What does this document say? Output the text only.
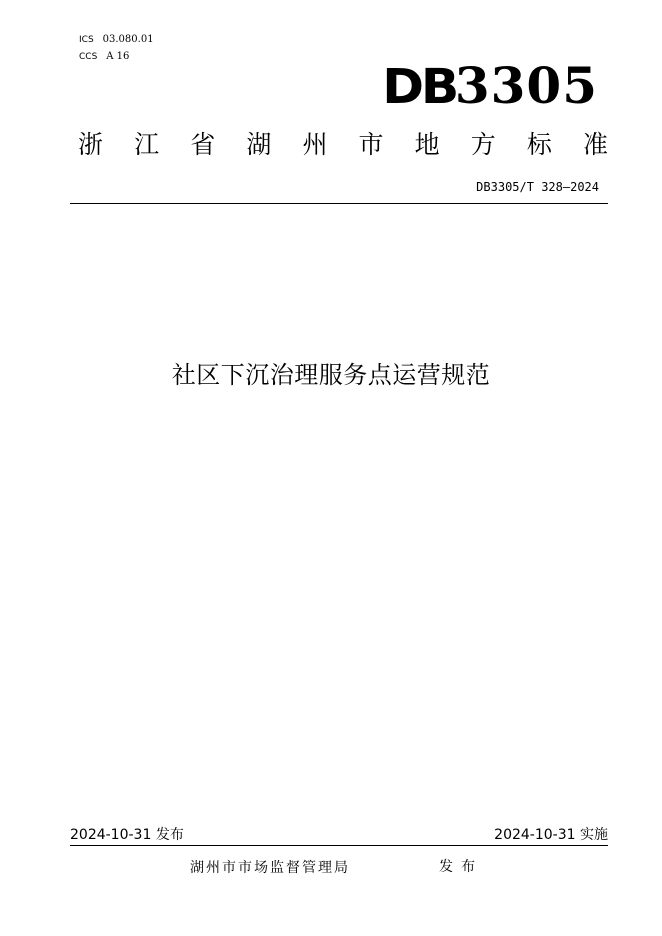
ICS 03.080.01
CCS A 16
DB3305
浙 江 省 湖 州 市 地 方 标 准
DB3305/T 328—2024
社区下沉治理服务点运营规范
2024-10-31 发布	2024-10-31 实施
湖州市市场监督管理局	发布
